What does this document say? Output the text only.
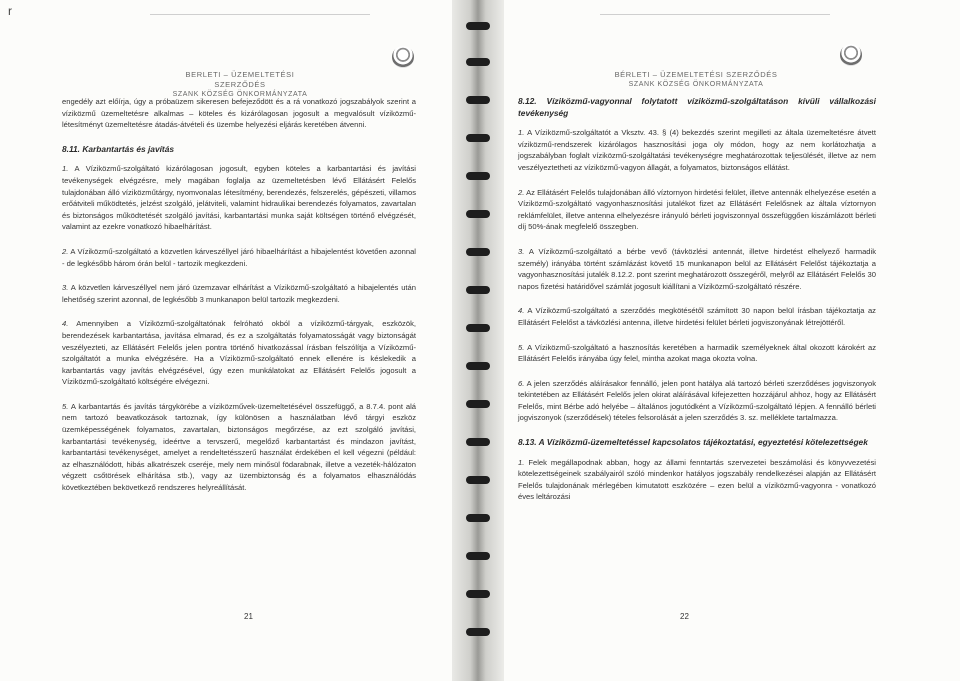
r
BERLETI – ÜZEMELTETÉSI SZERZŐDÉS
SZANK KÖZSÉG ÖNKORMÁNYZATA

engedély azt előírja, úgy a próbaüzem sikeresen befejeződött és a rá vonatkozó jogszabályok szerint a víziközmű üzemeltetésre alkalmas – köteles és kizárólagosan jogosult a megvalósult víziközmű-létesítményt üzemeltetésre átadás-átvételi és üzembe helyezési eljárás keretében átvenni.

8.11. Karbantartás és javítás

1. A Víziközmű-szolgáltató kizárólagosan jogosult, egyben köteles a karbantartási és javítási tevékenységek elvégzésre, mely magában foglalja az üzemeltetésben lévő Ellátásért Felelős tulajdonában álló víziközműtárgy, nyomvonalas létesítmény, berendezés, felszerelés, gépészeti, villamos erőátviteli működtetés, jelzést szolgáló, jelátviteli, valamint hidraulikai berendezés folyamatos, zavartalan és biztonságos működtetését szolgáló javítási, karbantartási munka saját költségen történő elvégzését, valamint az ezekre vonatkozó hibaelhárítást.

2. A Víziközmű-szolgáltató a közvetlen kárveszéllyel járó hibaelhárítást a hibajelentést követően azonnal - de legkésőbb három órán belül - tartozik megkezdeni.

3. A közvetlen kárveszéllyel nem járó üzemzavar elhárítást a Víziközmű-szolgáltató a hibajelentés után lehetőség szerint azonnal, de legkésőbb 3 munkanapon belül tartozik megkezdeni.

4. Amennyiben a Víziközmű-szolgáltatónak felróható okból a víziközmű-tárgyak, eszközök, berendezések karbantartása, javítása elmarad, és ez a szolgáltatás folyamatosságát vagy biztonságát veszélyezteti, az Ellátásért Felelős jelen pontra történő hivatkozással írásban felszólítja a Víziközmű-szolgáltatót a munka elvégzésére. Ha a Víziközmű-szolgáltató ennek ellenére is késlekedik a karbantartás vagy javítás elvégzésével, úgy ezen munkálatokat az Ellátásért Felelős jogosult a Víziközmű-szolgáltató költségére elvégezni.

5. A karbantartás és javítás tárgykörébe a víziközművek-üzemeltetésével összefüggő, a 8.7.4. pont alá nem tartozó beavatkozások tartoznak, így különösen a használatban lévő tárgyi eszköz üzemképességének folyamatos, zavartalan, biztonságos megőrzése, az ezt szolgáló javítási, karbantartási tevékenység, ideértve a tervszerű, megelőző karbantartást és mindazon javítást, karbantartási tevékenységet, amelyet a rendeltetésszerű használat érdekében el kell végezni (például: az elhasználódott, hibás alkatrészek cseréje, mely nem minősül födarabnak, illetve a vezeték-hálózaton végzett csőtörések elhárítása stb.), vagy az üzembiztonság és a folyamatos elhasználódás következtében bekövetkező rendszeres helyreállítását.

21
BÉRLETI – ÜZEMELTETÉSI SZERZŐDÉS
SZANK KÖZSÉG ÖNKORMÁNYZATA
8.12. Víziközmű-vagyonnal folytatott víziközmű-szolgáltatáson kívüli vállalkozási tevékenység

1. A Víziközmű-szolgáltatót a Vksztv. 43. § (4) bekezdés szerint megilleti az általa üzemeltetésre átvett víziközmű-rendszerek kizárólagos hasznosítási joga oly módon, hogy az nem korlátozhatja a jogszabályban foglalt víziközmű-szolgáltatási tevékenységre meghatározottak teljesülését, illetve az nem veszélyeztetheti az víziközmű-vagyon állagát, a folyamatos, biztonságos ellátást.

2. Az Ellátásért Felelős tulajdonában álló víztornyon hirdetési felület, illetve antennák elhelyezése esetén a Víziközmű-szolgáltató vagyonhasznosítási jutalékot fizet az Ellátásért Felelősnek az általa víztornyon reklámfelület, illetve antenna elhelyezésre irányuló bérleti jogviszonnyal összefüggően kiszámlázott bérleti díj 50%-ának megfelelő összegben.

3. A Víziközmű-szolgáltató a bérbe vevő (távközlési antennát, illetve hirdetést elhelyező harmadik személy) irányába történt számlázást követő 15 munkanapon belül az Ellátásért Felelőst tájékoztatja a vagyonhasznosítási jutalék 8.12.2. pont szerint meghatározott összegéről, melyről az Ellátásért Felelős 30 napos fizetési határidővel számlát jogosult kiállítani a Víziközmű-szolgáltató részére.

4. A Víziközmű-szolgáltató a szerződés megkötésétől számított 30 napon belül írásban tájékoztatja az Ellátásért Felelőst a távközlési antenna, illetve hirdetési felület bérleti jogviszonyának létrejöttéről.

5. A Víziközmű-szolgáltató a hasznosítás keretében a harmadik személyeknek által okozott károkért az Ellátásért Felelős irányába úgy felel, mintha azokat maga okozta volna.

6. A jelen szerződés aláírásakor fennálló, jelen pont hatálya alá tartozó bérleti szerződéses jogviszonyok tekintetében az Ellátásért Felelős jelen okirat aláírásával kifejezetten hozzájárul ahhoz, hogy az Ellátásért Felelős, mint Bérbe adó helyébe – általános jogutódként a Víziközmű-szolgáltató lépjen. A fennálló bérleti jogviszonyok (szerződések) tételes felsorolását a jelen szerződés 3. sz. melléklete tartalmazza.

8.13. A Víziközmű-üzemeltetéssel kapcsolatos tájékoztatási, egyeztetési kötelezettségek

1. Felek megállapodnak abban, hogy az állami fenntartás szervezetei beszámolási és könyvvezetési kötelezettségeinek szabályairól szóló mindenkor hatályos jogszabály rendelkezései alapján az Ellátásért Felelős tulajdonának mérlegében kimutatott eszközére – ezen belül a víziközmű-vagyonra - vonatkozó éves leltározási

22
